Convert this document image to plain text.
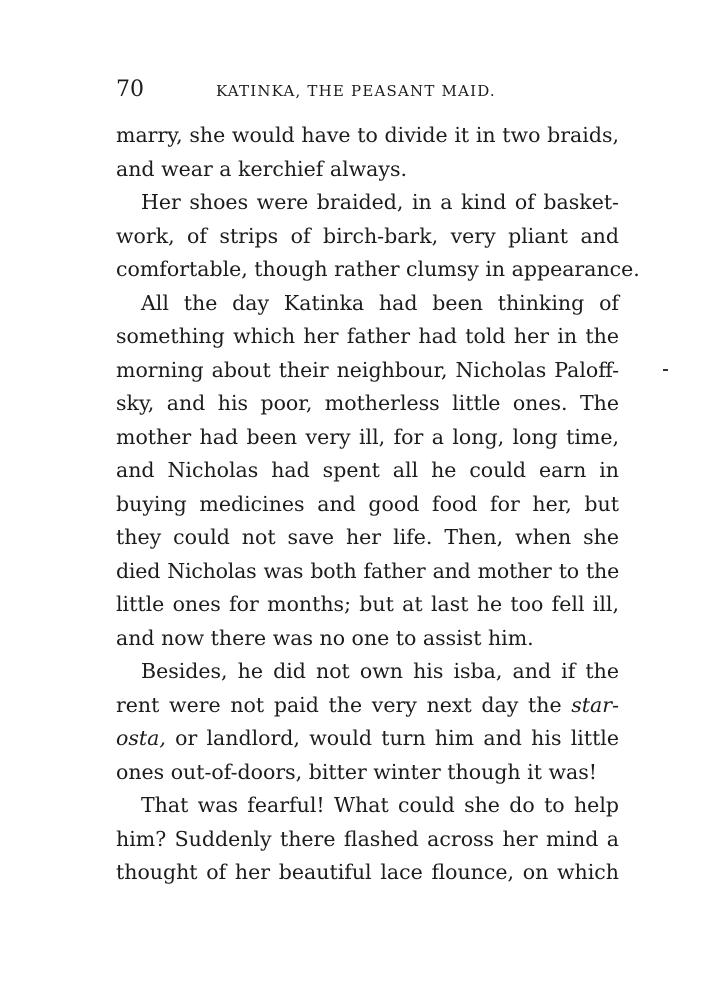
70	KATINKA, THE PEASANT MAID.
marry, she would have to divide it in two braids,
and wear a kerchief always.
Her shoes were braided, in a kind of basket-
work, of strips of birch-bark, very pliant and
comfortable, though rather clumsy in appearance.
All the day Katinka had been thinking of
something which her father had told her in the
morning about their neighbour, Nicholas Paloff-
sky, and his poor, motherless little ones. The
mother had been very ill, for a long, long time,
and Nicholas had spent all he could earn in
buying medicines and good food for her, but
they could not save her life. Then, when she
died Nicholas was both father and mother to the
little ones for months; but at last he too fell ill,
and now there was no one to assist him.
Besides, he did not own his isba, and if the
rent were not paid the very next day the star-
osta, or landlord, would turn him and his little
ones out-of-doors, bitter winter though it was!
That was fearful! What could she do to help
him? Suddenly there flashed across her mind a
thought of her beautiful lace flounce, on which
